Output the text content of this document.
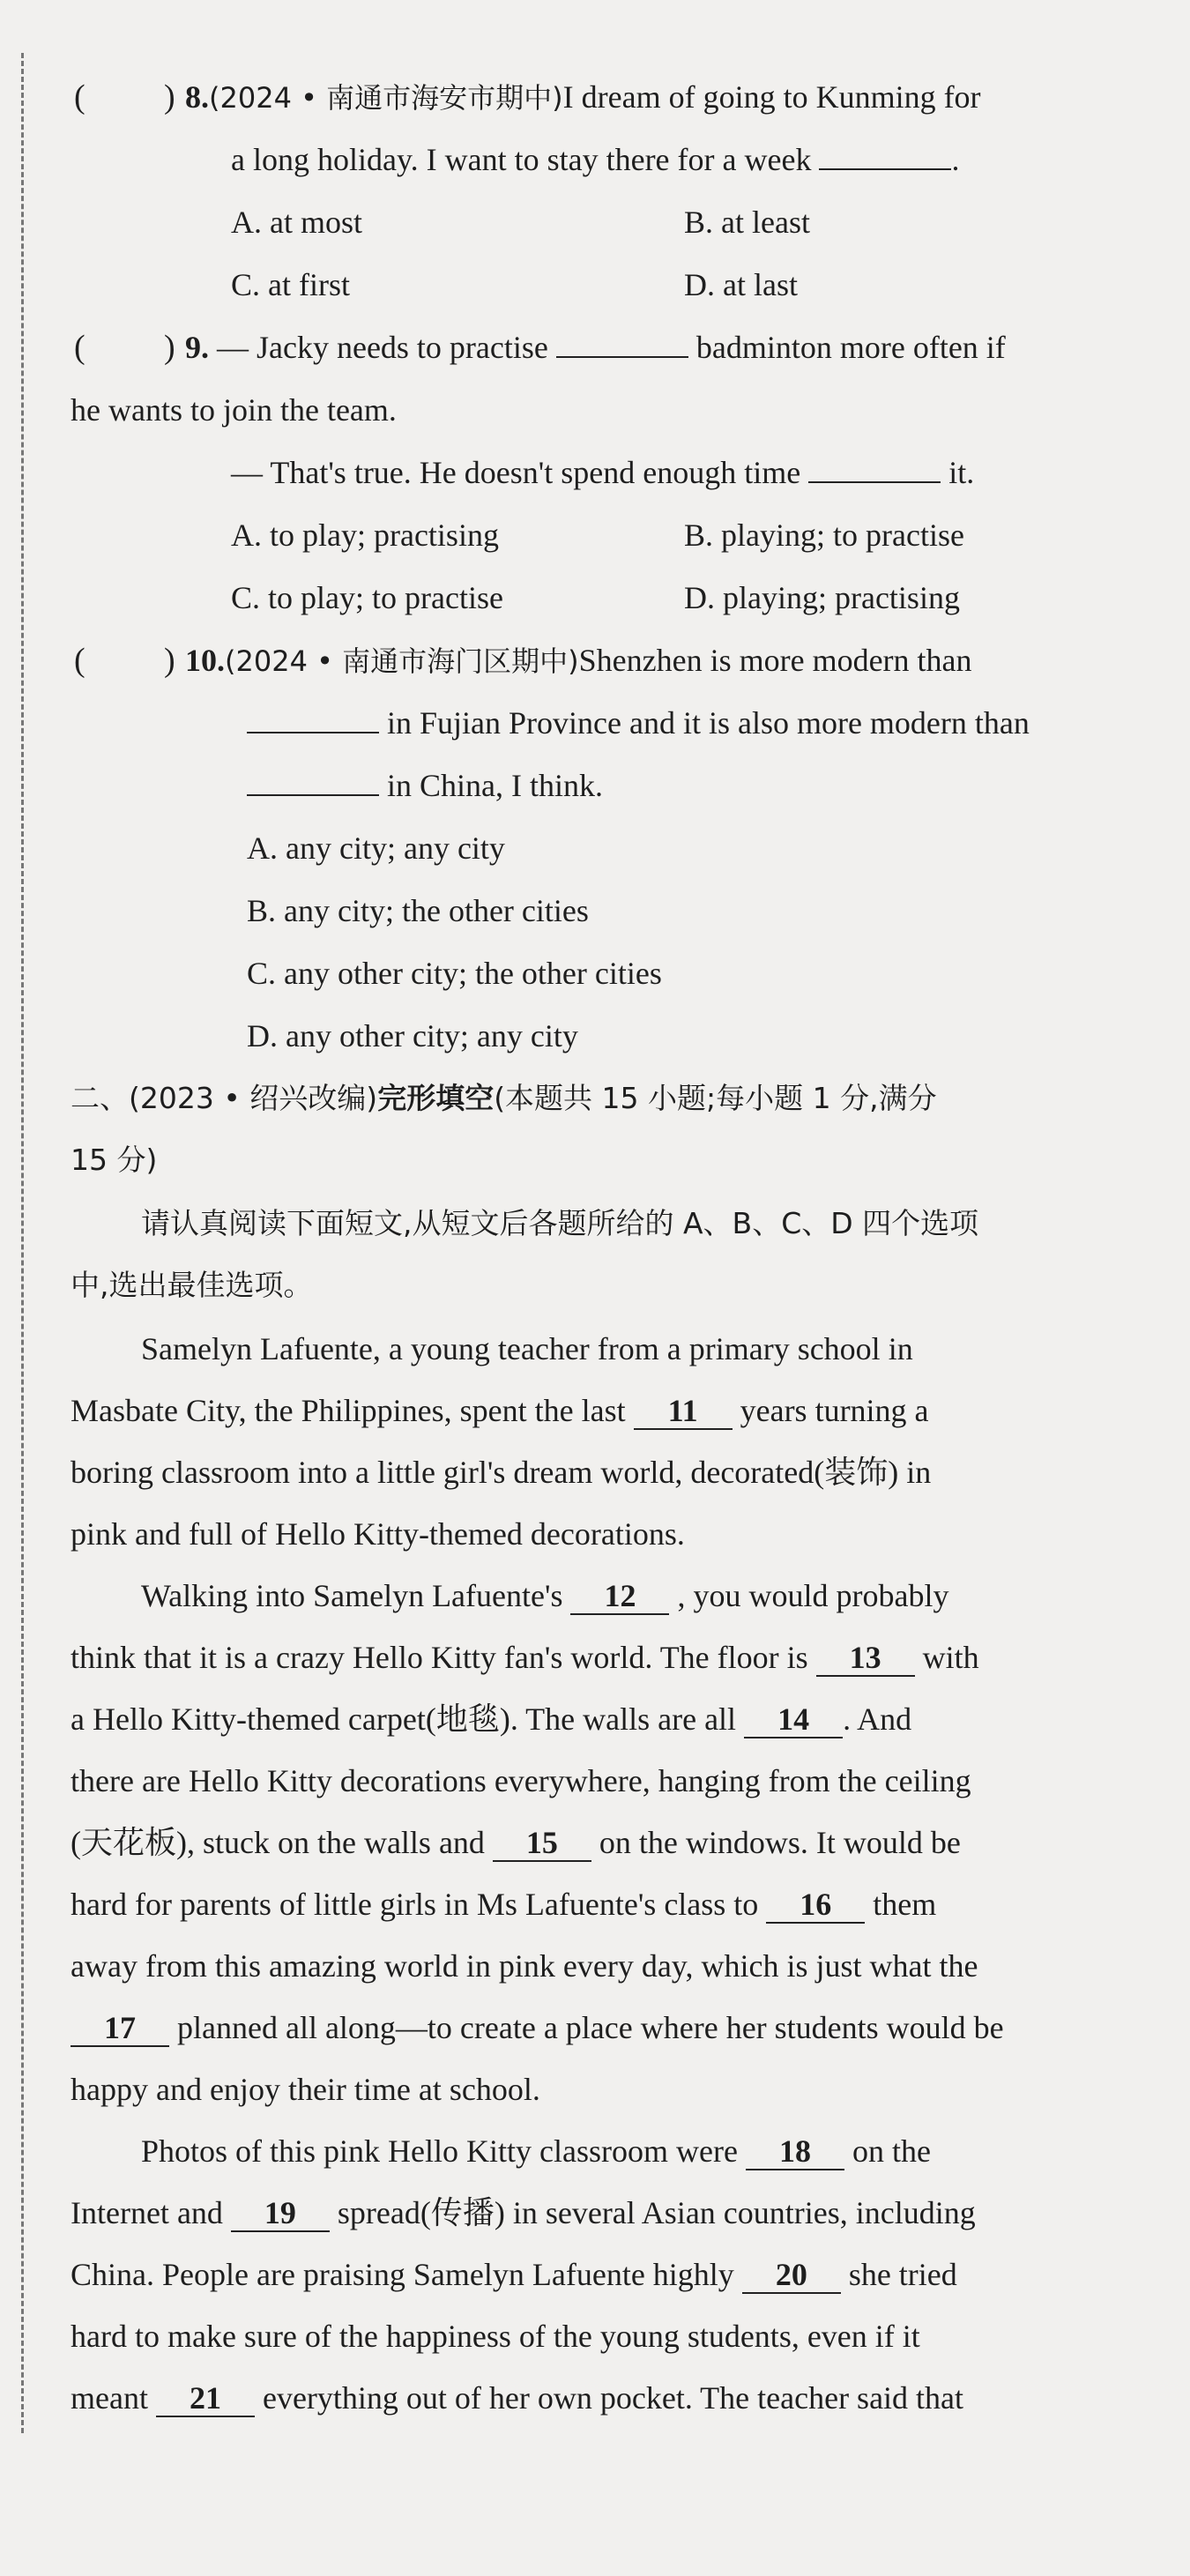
( ) 8.(2024 • 南通市海安市期中)I dream of going to Kunming for
a long holiday. I want to stay there for a week	.
A. at most	B. at least
C. at first	D. at last
( ) 9. — Jacky needs to practise	badminton more often if
he wants to join the team.
— That's true. He doesn't spend enough time	it.
A. to play; practising	B. playing; to practise
C. to play; to practise	D. playing; practising
( ) 10.(2024 • 南通市海门区期中)Shenzhen is more modern than
in Fujian Province and it is also more modern than
in China, I think.
A. any city; any city
B. any city; the other cities
C. any other city; the other cities
D. any other city; any city
二、(2023 • 绍兴改编)完形填空(本题共 15 小题;每小题 1 分,满分
15 分)
请认真阅读下面短文,从短文后各题所给的 A、B、C、D 四个选项
中,选出最佳选项。
Samelyn Lafuente, a young teacher from a primary school in
Masbate City, the Philippines, spent the last 11 years turning a
boring classroom into a little girl's dream world, decorated(装饰) in
pink and full of Hello Kitty-themed decorations.
Walking into Samelyn Lafuente's 12 , you would probably
think that it is a crazy Hello Kitty fan's world. The floor is 13 with
a Hello Kitty-themed carpet(地毯). The walls are all 14 . And
there are Hello Kitty decorations everywhere, hanging from the ceiling
(天花板), stuck on the walls and 15 on the windows. It would be
hard for parents of little girls in Ms Lafuente's class to 16 them
away from this amazing world in pink every day, which is just what the
17 planned all along—to create a place where her students would be
happy and enjoy their time at school.
Photos of this pink Hello Kitty classroom were 18 on the
Internet and 19 spread(传播) in several Asian countries, including
China. People are praising Samelyn Lafuente highly 20 she tried
hard to make sure of the happiness of the young students, even if it
meant 21 everything out of her own pocket. The teacher said that
